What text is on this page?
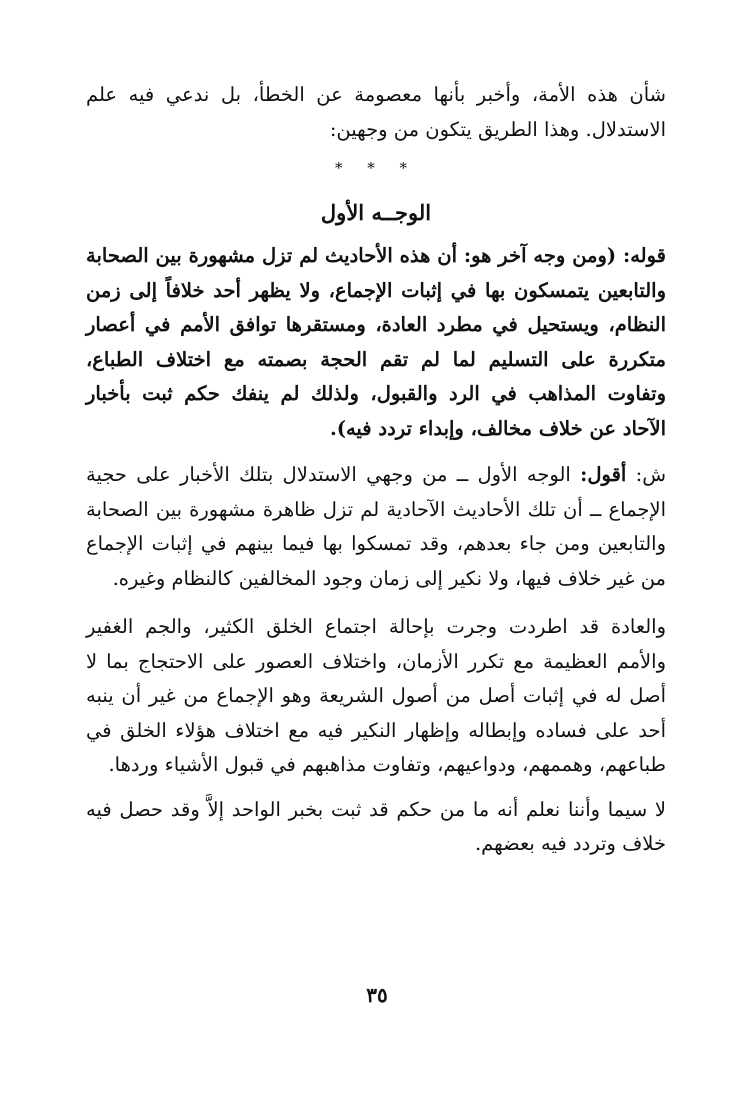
شأن هذه الأمة، وأخبر بأنها معصومة عن الخطأ، بل ندعي فيه علم الاستدلال. وهذا الطريق يتكون من وجهين:

* * *
الوجــه الأول

قوله: (ومن وجه آخر هو: أن هذه الأحاديث لم تزل مشهورة بين الصحابة والتابعين يتمسكون بها في إثبات الإجماع، ولا يظهر أحد خلافاً إلى زمن النظام، ويستحيل في مطرد العادة، ومستقرها توافق الأمم في أعصار متكررة على التسليم لما لم تقم الحجة بصمته مع اختلاف الطباع، وتفاوت المذاهب في الرد والقبول، ولذلك لم ينفك حكم ثبت بأخبار الآحاد عن خلاف مخالف، وإبداء تردد فيه).

ش: أقول: الوجه الأول ــ من وجهي الاستدلال بتلك الأخبار على حجية الإجماع ــ أن تلك الأحاديث الآحادية لم تزل ظاهرة مشهورة بين الصحابة والتابعين ومن جاء بعدهم، وقد تمسكوا بها فيما بينهم في إثبات الإجماع من غير خلاف فيها، ولا نكير إلى زمان وجود المخالفين كالنظام وغيره.

والعادة قد اطردت وجرت بإحالة اجتماع الخلق الكثير، والجم الغفير والأمم العظيمة مع تكرر الأزمان، واختلاف العصور على الاحتجاج بما لا أصل له في إثبات أصل من أصول الشريعة وهو الإجماع من غير أن ينبه أحد على فساده وإبطاله وإظهار النكير فيه مع اختلاف هؤلاء الخلق في طباعهم، وهممهم، ودواعيهم، وتفاوت مذاهبهم في قبول الأشياء وردها.

لا سيما وأننا نعلم أنه ما من حكم قد ثبت بخبر الواحد إلاَّ وقد حصل فيه خلاف وتردد فيه بعضهم.

٣٥
